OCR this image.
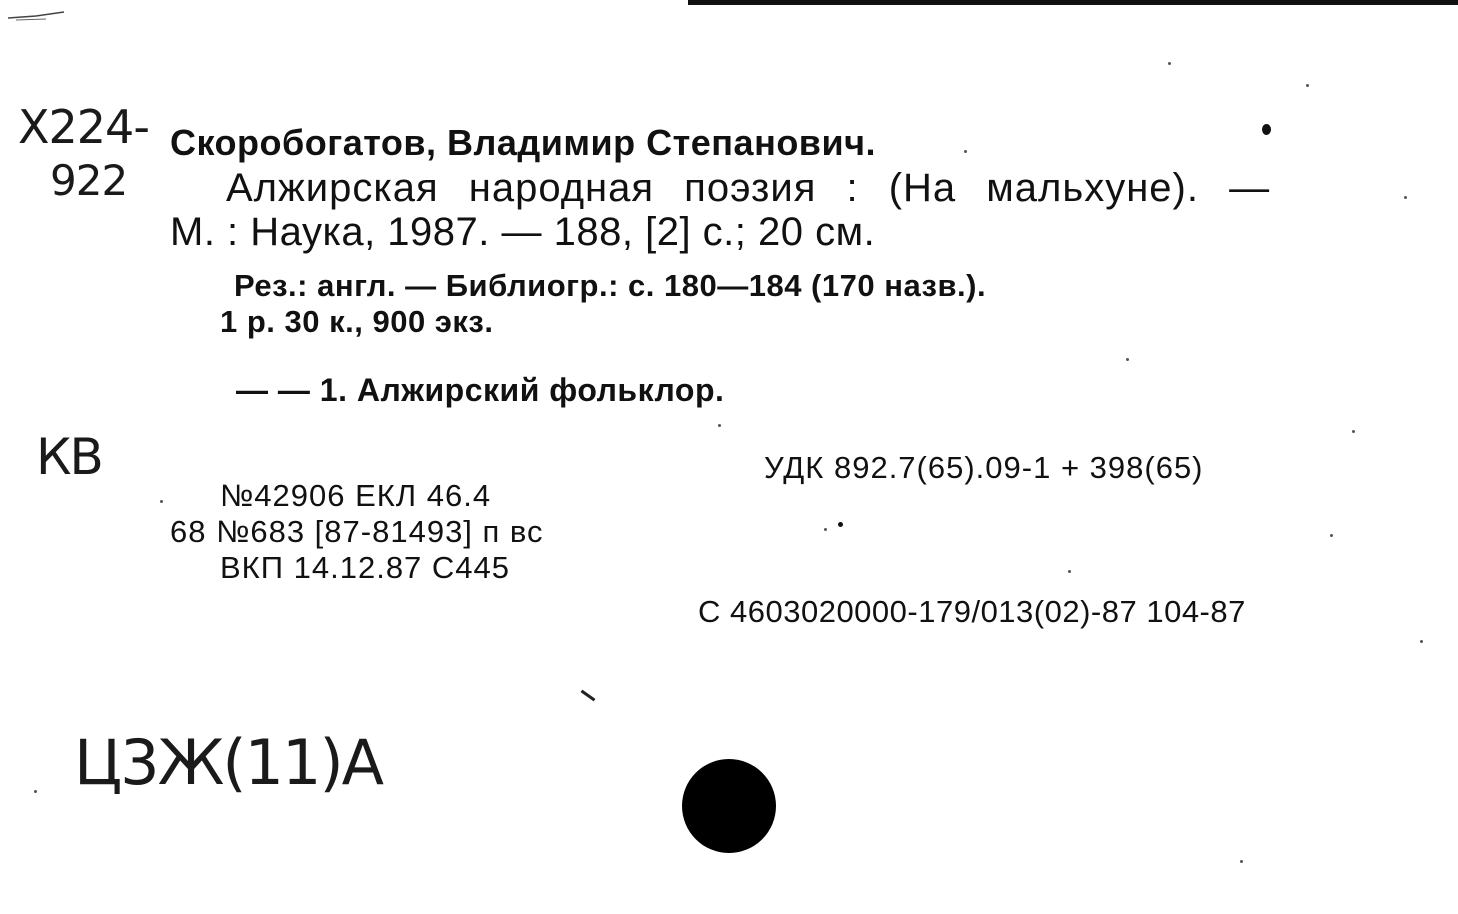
Х224-
922
КВ
Ц3Ж(11)А
Скоробогатов, Владимир Степанович.
Алжирская народная поэзия : (На мальхуне). —
М. : Наука, 1987. — 188, [2] с.; 20 см.
Рез.: англ. — Библиогр.: с. 180—184 (170 назв.).
1 р. 30 к., 900 экз.
— — 1. Алжирский фольклор.
УДК 892.7(65).09-1 + 398(65)
№42906 ЕКЛ 46.4
68 №683 [87-81493] п вс
ВКП 14.12.87 С445
С 4603020000-179/013(02)-87 104-87
